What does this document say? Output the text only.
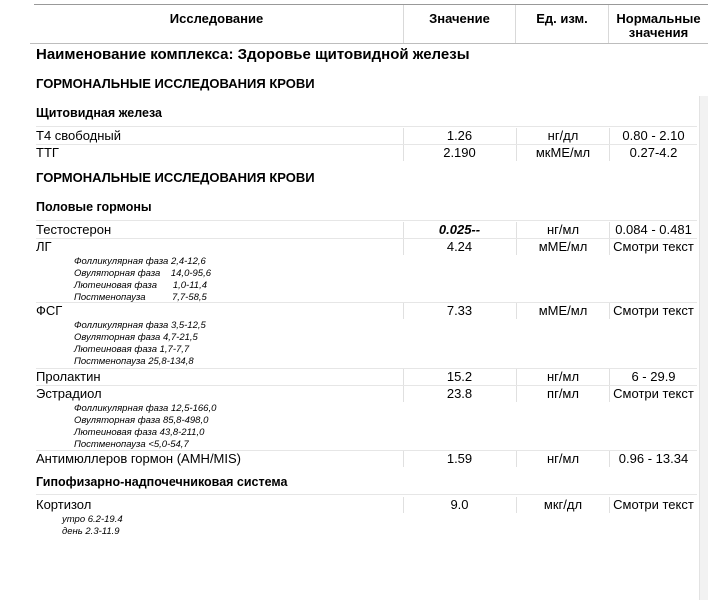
Исследование	Значение	Ед. изм.	Нормальные значения
Наименование комплекса: Здоровье щитовидной железы
ГОРМОНАЛЬНЫЕ ИССЛЕДОВАНИЯ КРОВИ
Щитовидная железа
Т4 свободный	1.26	нг/дл	0.80 - 2.10
ТТГ	2.190	мкМЕ/мл	0.27-4.2
ГОРМОНАЛЬНЫЕ ИССЛЕДОВАНИЯ КРОВИ
Половые гормоны
Тестостерон	0.025--	нг/мл	0.084 - 0.481
ЛГ	4.24	мМЕ/мл	Смотри текст
Фолликулярная фаза 2,4-12,6
Овуляторная фаза    14,0-95,6
Лютеиновая фаза      1,0-11,4
Постменопауза          7,7-58,5
ФСГ	7.33	мМЕ/мл	Смотри текст
Фолликулярная фаза 3,5-12,5
Овуляторная фаза 4,7-21,5
Лютеиновая фаза 1,7-7,7
Постменопауза 25,8-134,8
Пролактин	15.2	нг/мл	6 - 29.9
Эстрадиол	23.8	пг/мл	Смотри текст
Фолликулярная фаза 12,5-166,0
Овуляторная фаза 85,8-498,0
Лютеиновая фаза 43,8-211,0
Постменопаузa <5,0-54,7
Антимюллеров гормон (AMH/MIS)	1.59	нг/мл	0.96 - 13.34
Гипофизарно-надпочечниковая система
Кортизол	9.0	мкг/дл	Смотри текст
утро 6.2-19.4
день 2.3-11.9
